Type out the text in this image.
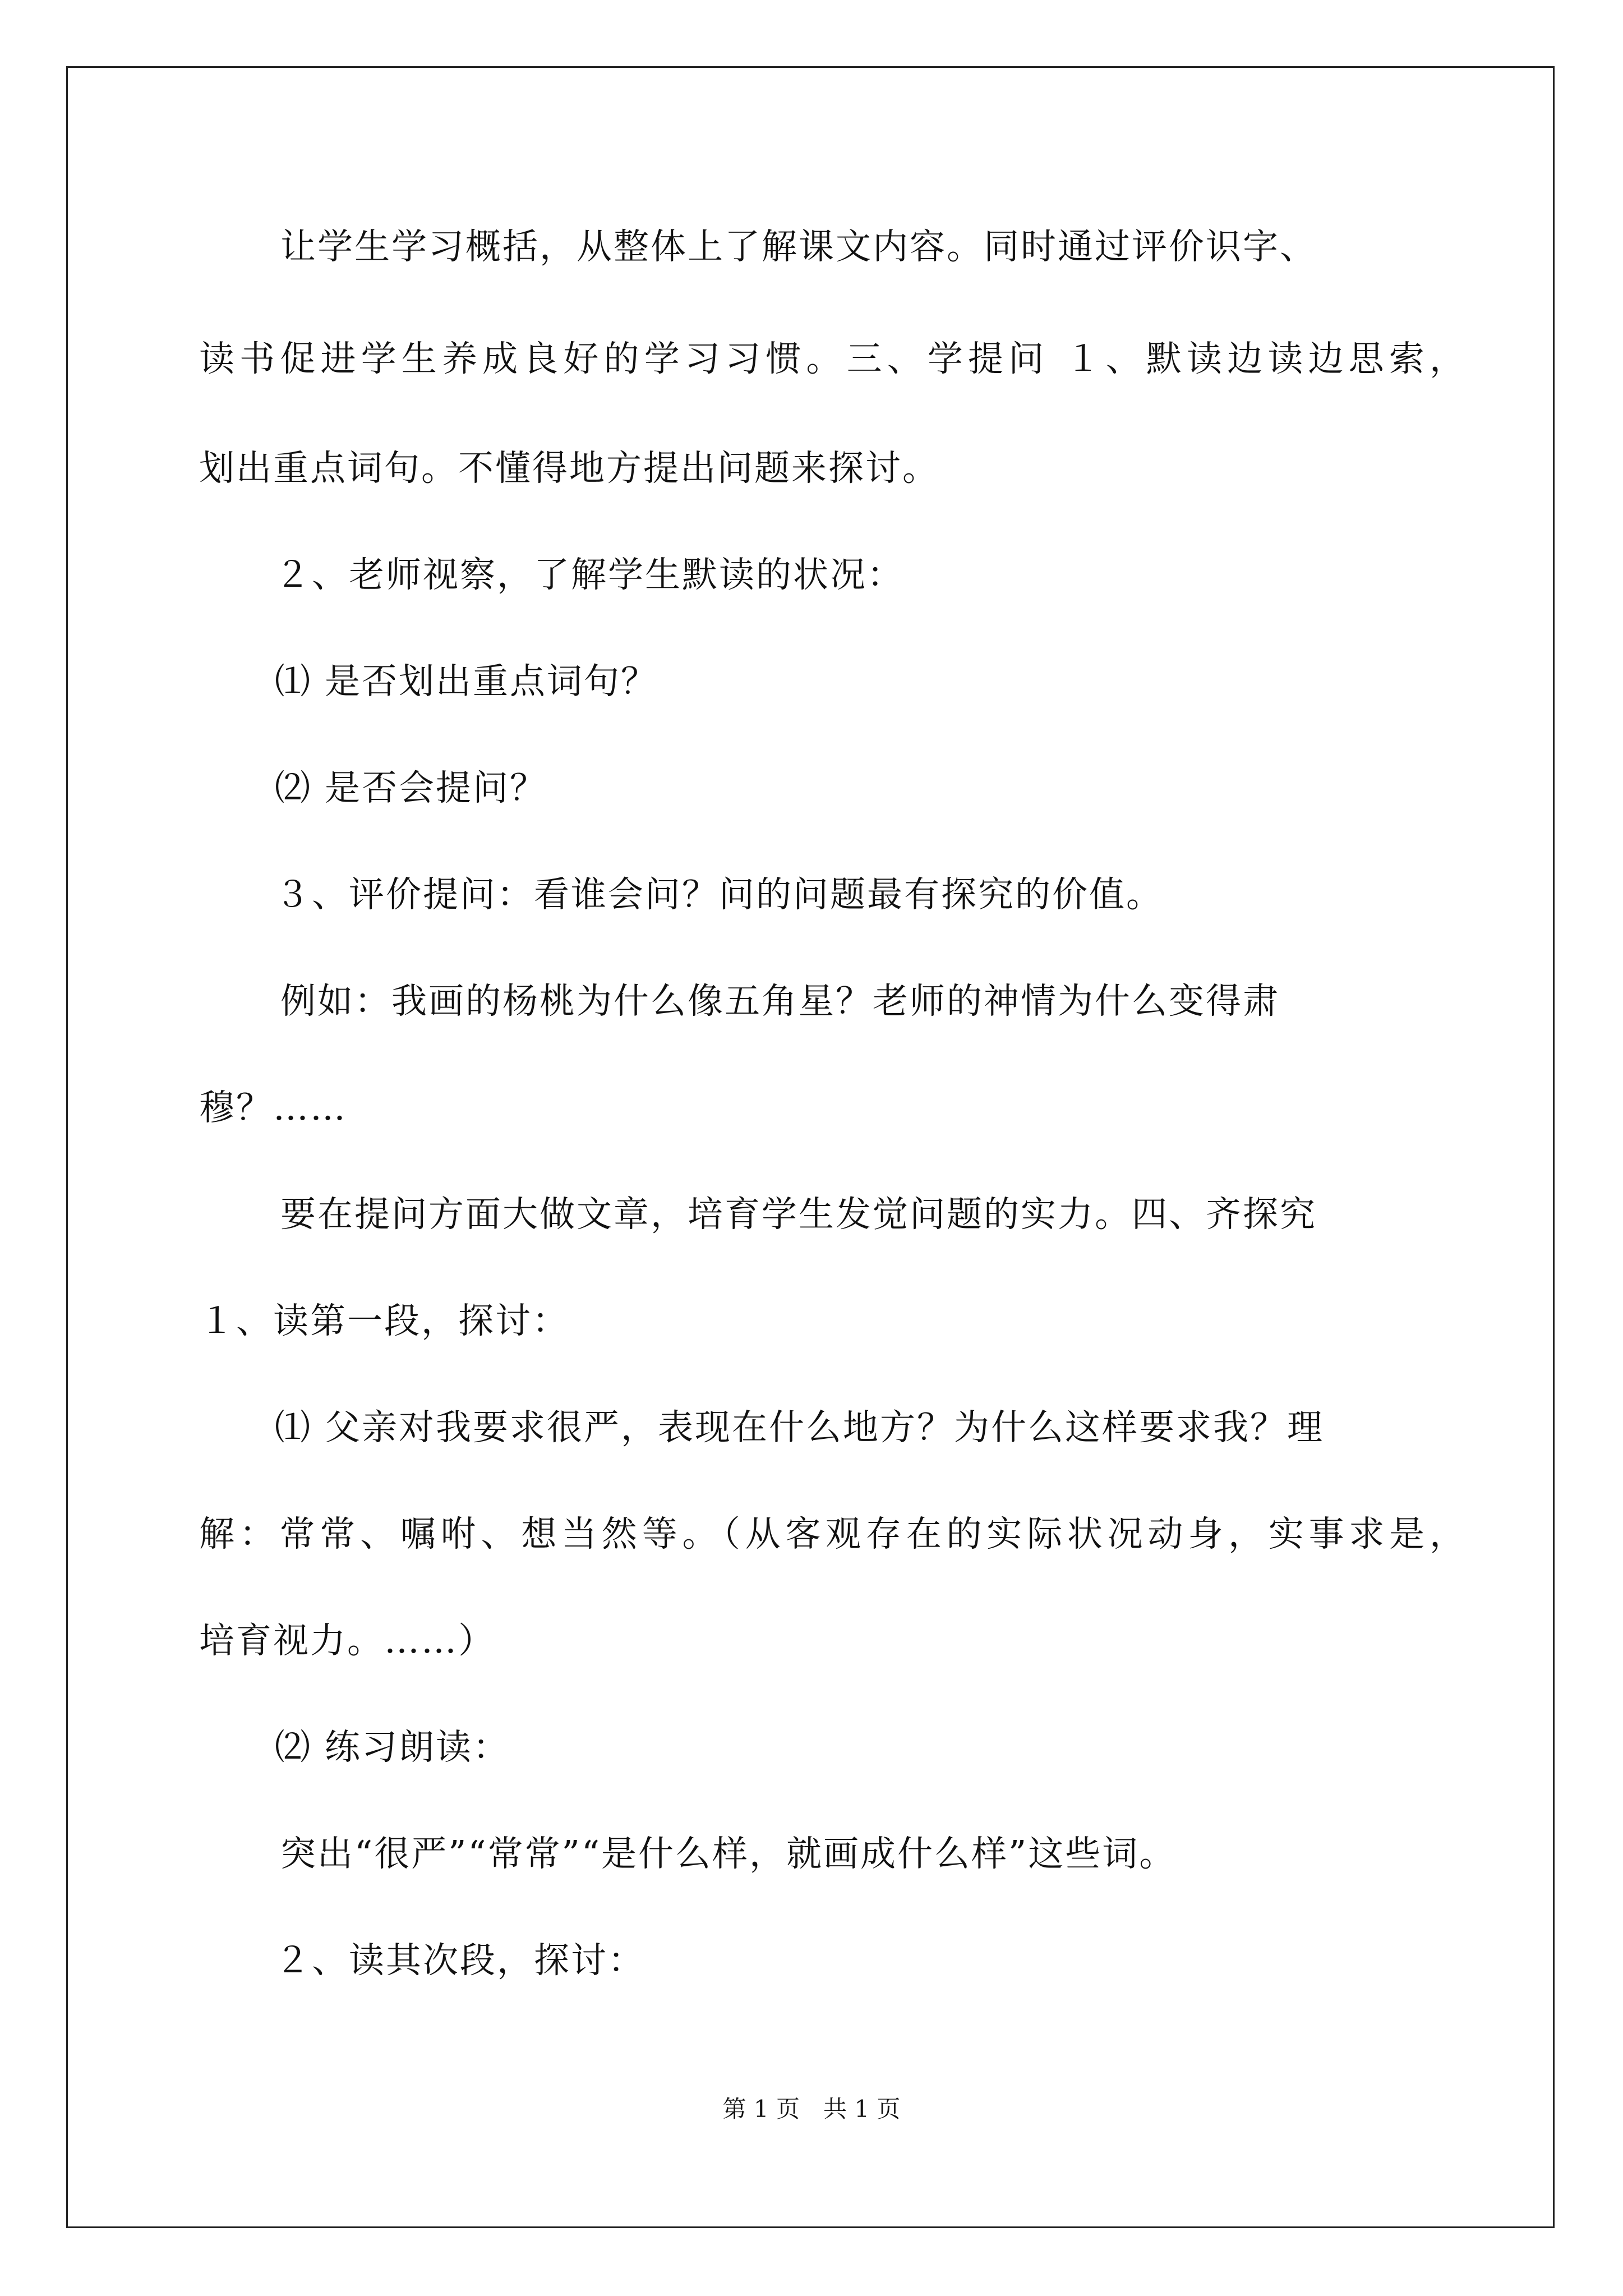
让学生学习概括，从整体上了解课文内容。同时通过评价识字、
读书促进学生养成良好的学习习惯。三、学提问 １、默读边读边思索，
划出重点词句。不懂得地方提出问题来探讨。
２、老师视察，了解学生默读的状况：
⑴ 是否划出重点词句？
⑵ 是否会提问？
３、评价提问：看谁会问？问的问题最有探究的价值。
例如：我画的杨桃为什么像五角星？老师的神情为什么变得肃
穆？……
要在提问方面大做文章，培育学生发觉问题的实力。四、齐探究
１、读第一段，探讨：
⑴ 父亲对我要求很严，表现在什么地方？为什么这样要求我？理
解：常常、嘱咐、想当然等。（从客观存在的实际状况动身，实事求是，
培育视力。……）
⑵ 练习朗读：
突出“很严”“常常”“是什么样，就画成什么样”这些词。
２、读其次段，探讨：
第 1 页　共 1 页
